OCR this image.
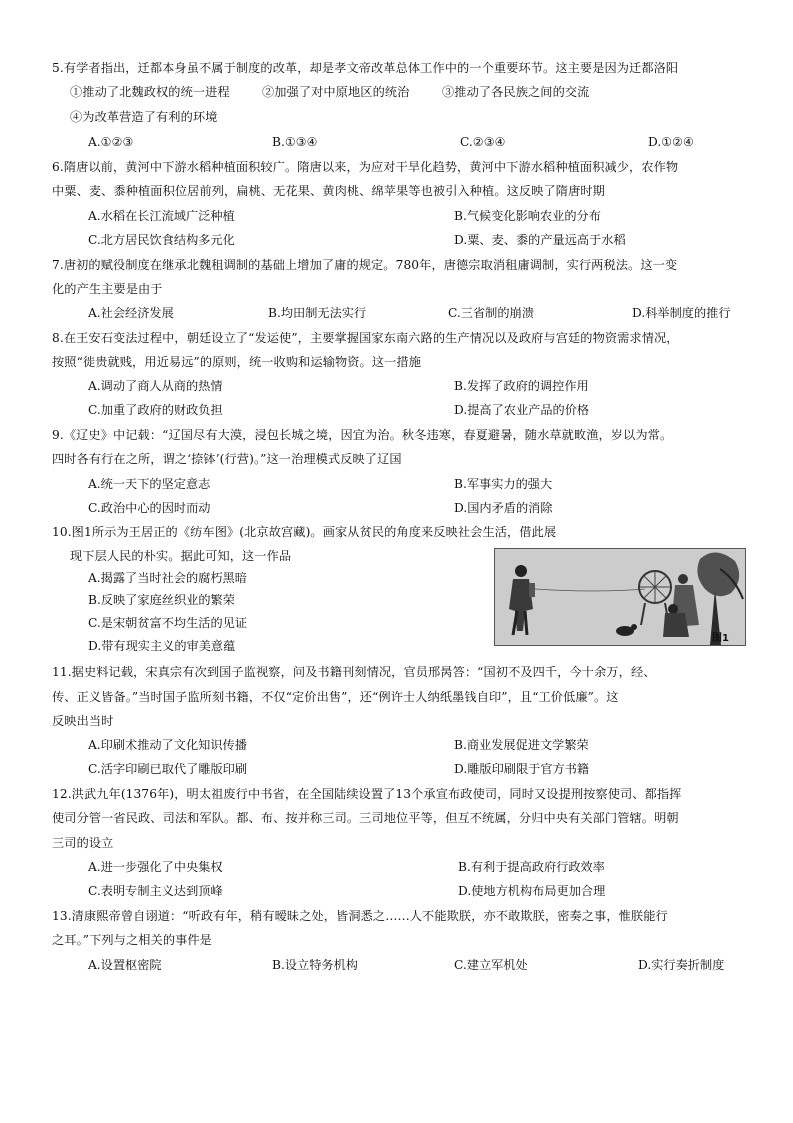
5.有学者指出，迁都本身虽不属于制度的改革，却是孝文帝改革总体工作中的一个重要环节。这主要是因为迁都洛阳
①推动了北魏政权的统一进程	②加强了对中原地区的统治	③推动了各民族之间的交流
④为改革营造了有利的环境
A.①②③	B.①③④	C.②③④	D.①②④
6.隋唐以前，黄河中下游水稻种植面积较广。隋唐以来，为应对干旱化趋势，黄河中下游水稻种植面积减少，农作物
中粟、麦、黍种植面积位居前列，扁桃、无花果、黄肉桃、绵苹果等也被引入种植。这反映了隋唐时期
A.水稻在长江流域广泛种植	B.气候变化影响农业的分布
C.北方居民饮食结构多元化	D.粟、麦、黍的产量远高于水稻
7.唐初的赋役制度在继承北魏租调制的基础上增加了庸的规定。780年，唐德宗取消租庸调制，实行两税法。这一变
化的产生主要是由于
A.社会经济发展	B.均田制无法实行	C.三省制的崩溃	D.科举制度的推行
8.在王安石变法过程中，朝廷设立了“发运使”，主要掌握国家东南六路的生产情况以及政府与宫廷的物资需求情况，
按照“徙贵就贱，用近易远”的原则，统一收购和运输物资。这一措施
A.调动了商人从商的热情	B.发挥了政府的调控作用
C.加重了政府的财政负担	D.提高了农业产品的价格
9.《辽史》中记载：“辽国尽有大漠，浸包长城之境，因宜为治。秋冬违寒，春夏避暑，随水草就畋渔，岁以为常。
四时各有行在之所，谓之‘捺钵’(行营)。”这一治理模式反映了辽国
A.统一天下的坚定意志	B.军事实力的强大
C.政治中心的因时而动	D.国内矛盾的消除
10.图1所示为王居正的《纺车图》(北京故宫藏)。画家从贫民的角度来反映社会生活，借此展
现下层人民的朴实。据此可知，这一作品
A.揭露了当时社会的腐朽黑暗
B.反映了家庭丝织业的繁荣
C.是宋朝贫富不均生活的见证
D.带有现实主义的审美意蕴
图1
11.据史料记载，宋真宗有次到国子监视察，问及书籍刊刻情况，官员邢昺答：“国初不及四千，今十余万，经、
传、正义皆备。”当时国子监所刻书籍，不仅“定价出售”，还“例许士人纳纸墨钱自印”，且“工价低廉”。这
反映出当时
A.印刷术推动了文化知识传播	B.商业发展促进文学繁荣
C.活字印刷已取代了雕版印刷	D.雕版印刷限于官方书籍
12.洪武九年(1376年)，明太祖废行中书省，在全国陆续设置了13个承宣布政使司，同时又设提刑按察使司、都指挥
使司分管一省民政、司法和军队。都、布、按并称三司。三司地位平等，但互不统属，分归中央有关部门管辖。明朝
三司的设立
A.进一步强化了中央集权	B.有利于提高政府行政效率
C.表明专制主义达到顶峰	D.使地方机构布局更加合理
13.清康熙帝曾自诩道：“听政有年，稍有暧昧之处，皆洞悉之……人不能欺朕，亦不敢欺朕，密奏之事，惟朕能行
之耳。”下列与之相关的事件是
A.设置枢密院	B.设立特务机构	C.建立军机处	D.实行奏折制度
